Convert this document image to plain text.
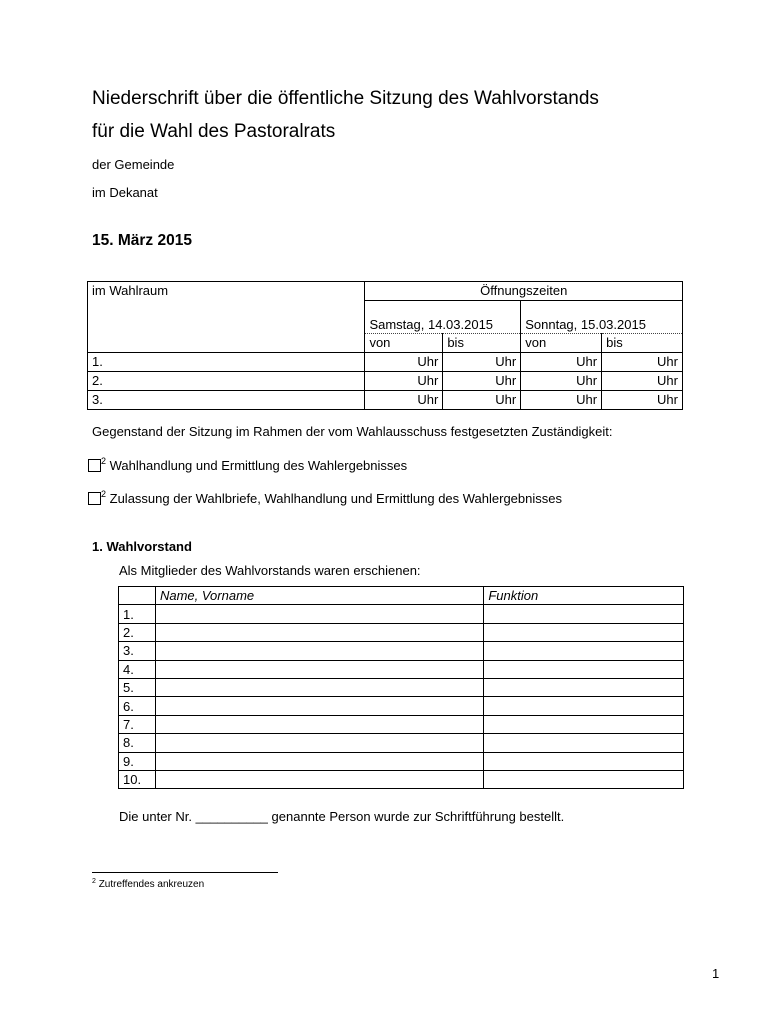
Niederschrift über die öffentliche Sitzung des Wahlvorstands
für die Wahl des Pastoralrats
der Gemeinde
im Dekanat
15. März 2015
im Wahlraum	Öffnungszeiten			
	Samstag, 14.03.2015		Sonntag, 15.03.2015	
	von	bis	von	bis
1.	Uhr	Uhr	Uhr	Uhr
2.	Uhr	Uhr	Uhr	Uhr
3.	Uhr	Uhr	Uhr	Uhr
Gegenstand der Sitzung im Rahmen der vom Wahlausschuss festgesetzten Zuständigkeit:
$^2$ Wahlhandlung und Ermittlung des Wahlergebnisses
$^2$ Zulassung der Wahlbriefe, Wahlhandlung und Ermittlung des Wahlergebnisses
1. Wahlvorstand
Als Mitglieder des Wahlvorstands waren erschienen:
	Name, Vorname	Funktion
1.		
2.		
3.		
4.		
5.		
6.		
7.		
8.		
9.		
10.		
Die unter Nr. __________ genannte Person wurde zur Schriftführung bestellt.
$^2$ Zutreffendes ankreuzen
1
